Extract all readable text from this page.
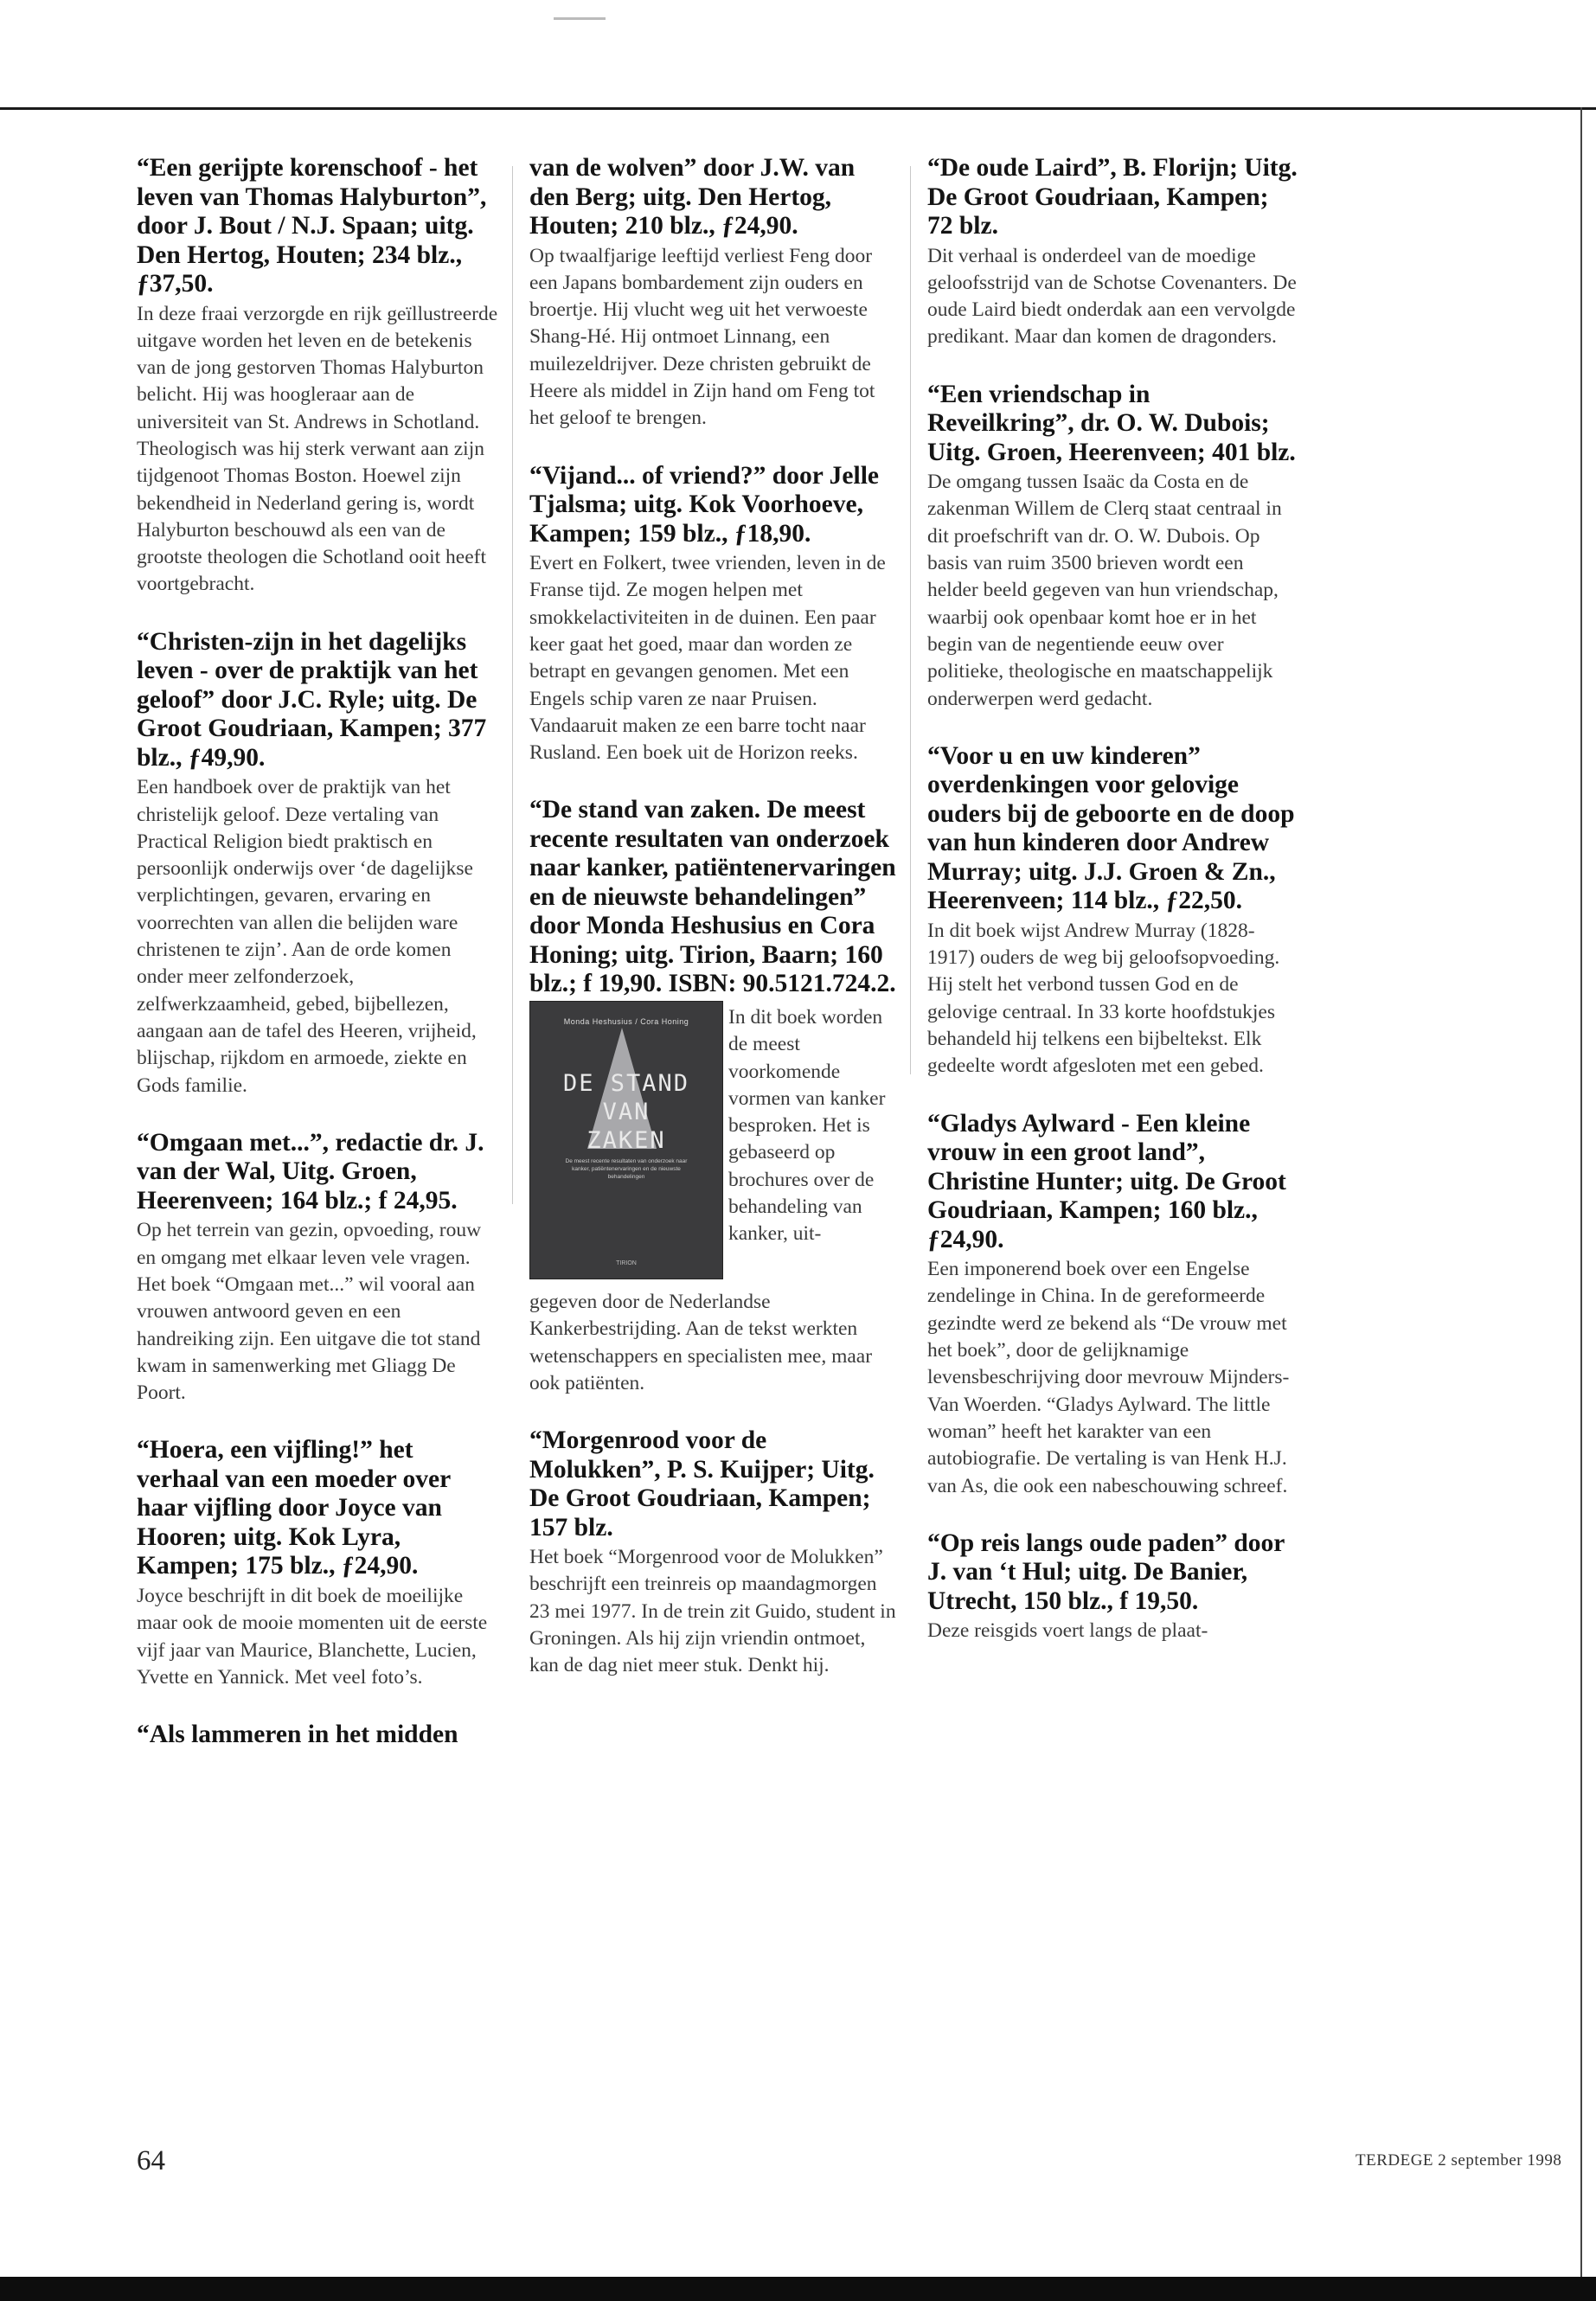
“Een gerijpte korenschoof - het leven van Thomas Halyburton”, door J. Bout / N.J. Spaan; uitg. Den Hertog, Houten; 234 blz., ƒ37,50.

In deze fraai verzorgde en rijk geïllustreerde uitgave worden het leven en de betekenis van de jong gestorven Thomas Halyburton belicht. Hij was hoogleraar aan de universiteit van St. Andrews in Schotland. Theologisch was hij sterk verwant aan zijn tijdgenoot Thomas Boston. Hoewel zijn bekendheid in Nederland gering is, wordt Halyburton beschouwd als een van de grootste theologen die Schotland ooit heeft voortgebracht.

“Christen-zijn in het dagelijks leven - over de praktijk van het geloof” door J.C. Ryle; uitg. De Groot Goudriaan, Kampen; 377 blz., ƒ49,90.

Een handboek over de praktijk van het christelijk geloof. Deze vertaling van Practical Religion biedt praktisch en persoonlijk onderwijs over ‘de dagelijkse verplichtingen, gevaren, ervaring en voorrechten van allen die belijden ware christenen te zijn’. Aan de orde komen onder meer zelfonderzoek, zelfwerkzaamheid, gebed, bijbellezen, aangaan aan de tafel des Heeren, vrijheid, blijschap, rijkdom en armoede, ziekte en Gods familie.

“Omgaan met...”, redactie dr. J. van der Wal, Uitg. Groen, Heerenveen; 164 blz.; f 24,95.

Op het terrein van gezin, opvoeding, rouw en omgang met elkaar leven vele vragen. Het boek “Omgaan met...” wil vooral aan vrouwen antwoord geven en een handreiking zijn. Een uitgave die tot stand kwam in samenwerking met Gliagg De Poort.

“Hoera, een vijfling!” het verhaal van een moeder over haar vijfling door Joyce van Hooren; uitg. Kok Lyra, Kampen; 175 blz., ƒ24,90.

Joyce beschrijft in dit boek de moeilijke maar ook de mooie momenten uit de eerste vijf jaar van Maurice, Blanchette, Lucien, Yvette en Yannick. Met veel foto’s.

“Als lammeren in het midden

van de wolven” door J.W. van den Berg; uitg. Den Hertog, Houten; 210 blz., ƒ24,90.

Op twaalfjarige leeftijd verliest Feng door een Japans bombardement zijn ouders en broertje. Hij vlucht weg uit het verwoeste Shang-Hé. Hij ontmoet Linnang, een muilezeldrijver. Deze christen gebruikt de Heere als middel in Zijn hand om Feng tot het geloof te brengen.

“Vijand... of vriend?” door Jelle Tjalsma; uitg. Kok Voorhoeve, Kampen; 159 blz., ƒ18,90.

Evert en Folkert, twee vrienden, leven in de Franse tijd. Ze mogen helpen met smokkelactiviteiten in de duinen. Een paar keer gaat het goed, maar dan worden ze betrapt en gevangen genomen. Met een Engels schip varen ze naar Pruisen. Vandaaruit maken ze een barre tocht naar Rusland. Een boek uit de Horizon reeks.

“De stand van zaken. De meest recente resultaten van onderzoek naar kanker, patiëntenervaringen en de nieuwste behandelingen” door Monda Heshusius en Cora Honing; uitg. Tirion, Baarn; 160 blz.; f 19,90. ISBN: 90.5121.724.2.

Monda Heshusius / Cora Honing
DE STAND
VAN
ZAKEN
De meest recente resultaten van onderzoek naar kanker, patiëntenervaringen en de nieuwste behandelingen
TIRION

In dit boek worden de meest voorkomende vormen van kanker besproken. Het is gebaseerd op brochures over de behandeling van kanker, uit-

gegeven door de Nederlandse Kankerbestrijding. Aan de tekst werkten wetenschappers en specialisten mee, maar ook patiënten.

“Morgenrood voor de Molukken”, P. S. Kuijper; Uitg. De Groot Goudriaan, Kampen; 157 blz.

Het boek “Morgenrood voor de Molukken” beschrijft een treinreis op maandagmorgen 23 mei 1977. In de trein zit Guido, student in Groningen. Als hij zijn vriendin ontmoet, kan de dag niet meer stuk. Denkt hij.

“De oude Laird”, B. Florijn; Uitg. De Groot Goudriaan, Kampen; 72 blz.

Dit verhaal is onderdeel van de moedige geloofsstrijd van de Schotse Covenanters. De oude Laird biedt onderdak aan een vervolgde predikant. Maar dan komen de dragonders.

“Een vriendschap in Reveilkring”, dr. O. W. Dubois; Uitg. Groen, Heerenveen; 401 blz.

De omgang tussen Isaäc da Costa en de zakenman Willem de Clerq staat centraal in dit proefschrift van dr. O. W. Dubois. Op basis van ruim 3500 brieven wordt een helder beeld gegeven van hun vriendschap, waarbij ook openbaar komt hoe er in het begin van de negentiende eeuw over politieke, theologische en maatschappelijk onderwerpen werd gedacht.

“Voor u en uw kinderen” overdenkingen voor gelovige ouders bij de geboorte en de doop van hun kinderen door Andrew Murray; uitg. J.J. Groen & Zn., Heerenveen; 114 blz., ƒ22,50.

In dit boek wijst Andrew Murray (1828-1917) ouders de weg bij geloofsopvoeding. Hij stelt het verbond tussen God en de gelovige centraal. In 33 korte hoofdstukjes behandeld hij telkens een bijbeltekst. Elk gedeelte wordt afgesloten met een gebed.

“Gladys Aylward - Een kleine vrouw in een groot land”, Christine Hunter; uitg. De Groot Goudriaan, Kampen; 160 blz., ƒ24,90.

Een imponerend boek over een Engelse zendelinge in China. In de gereformeerde gezindte werd ze bekend als “De vrouw met het boek”, door de gelijknamige levensbeschrijving door mevrouw Mijnders-Van Woerden. “Gladys Aylward. The little woman” heeft het karakter van een autobiografie. De vertaling is van Henk H.J. van As, die ook een nabeschouwing schreef.

“Op reis langs oude paden” door J. van ‘t Hul; uitg. De Banier, Utrecht, 150 blz., f 19,50.

Deze reisgids voert langs de plaat-

64	TERDEGE 2 september 1998
